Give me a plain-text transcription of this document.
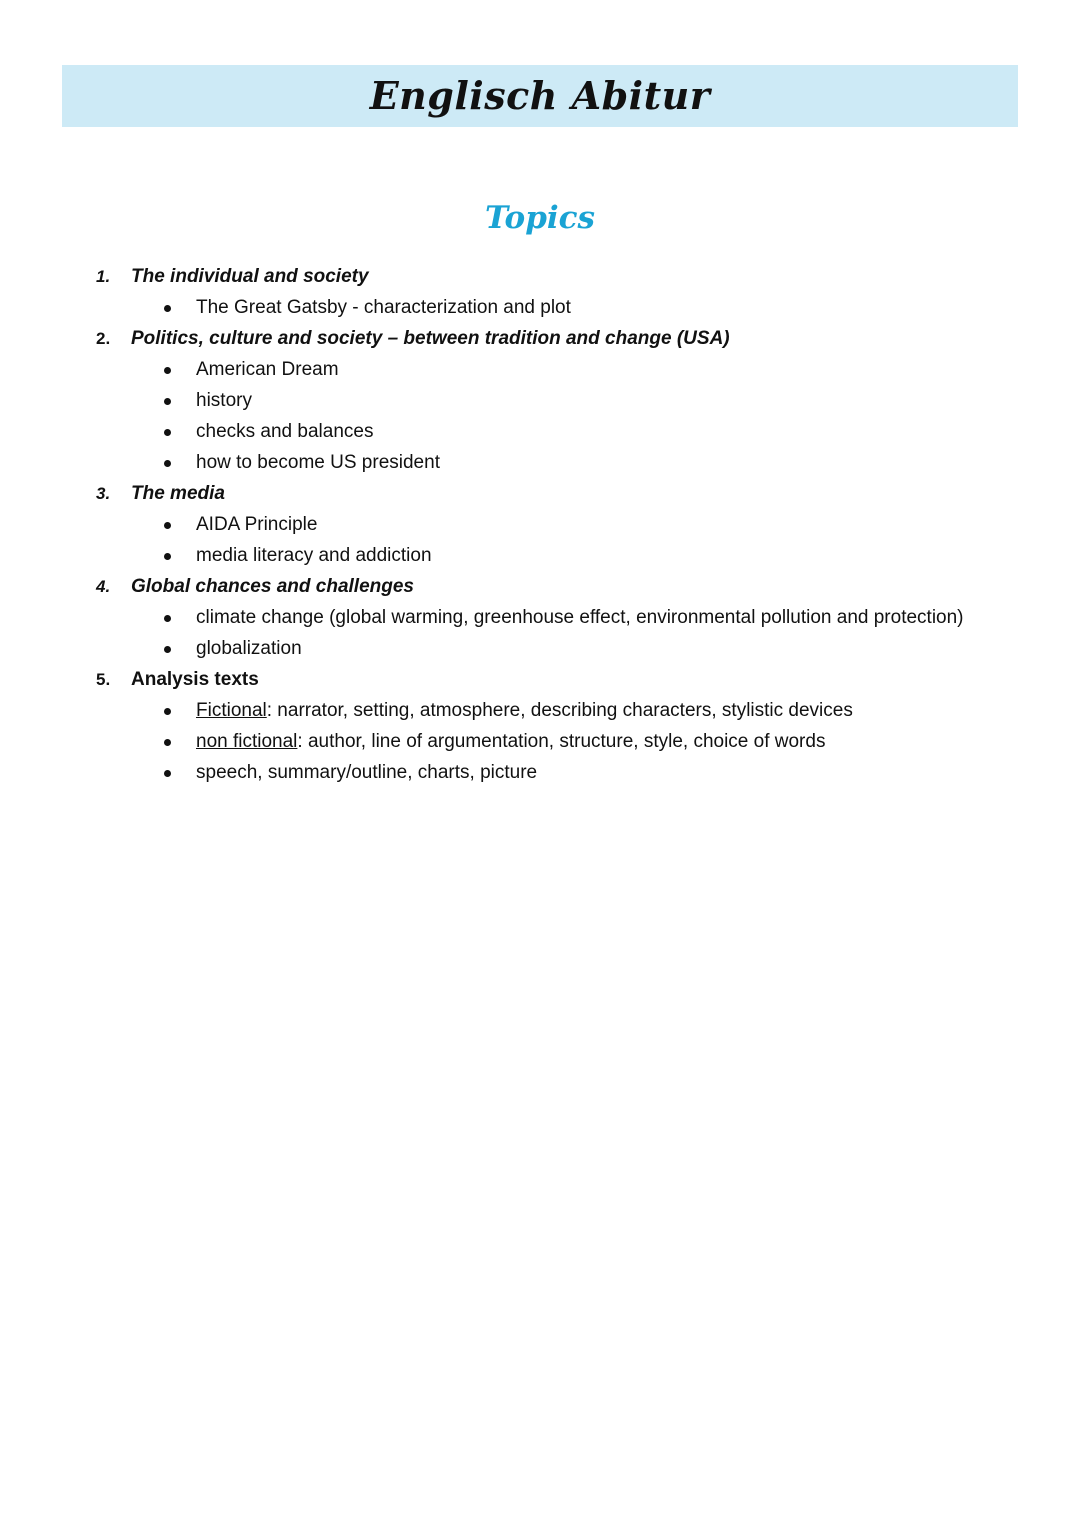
Englisch Abitur
Topics
1. The individual and society
The Great Gatsby - characterization and plot
2. Politics, culture and society – between tradition and change (USA)
American Dream
history
checks and balances
how to become US president
3. The media
AIDA Principle
media literacy and addiction
4. Global chances and challenges
climate change (global warming, greenhouse effect, environmental pollution and protection)
globalization
5. Analysis texts
Fictional: narrator, setting, atmosphere, describing characters, stylistic devices
non fictional: author, line of argumentation, structure, style, choice of words
speech, summary/outline, charts, picture
